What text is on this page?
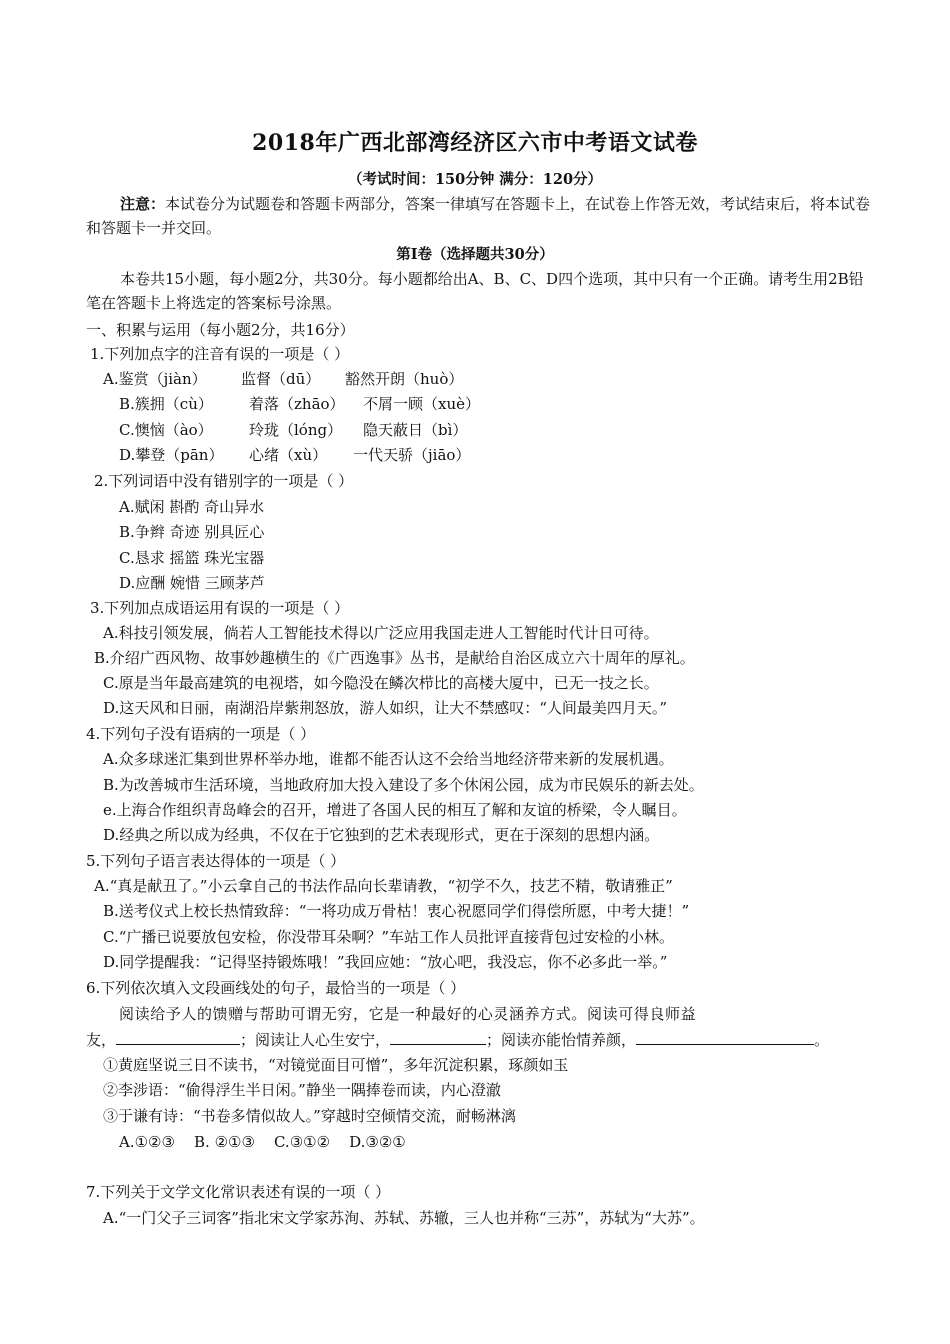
2018年广西北部湾经济区六市中考语文试卷
（考试时间：150分钟 满分：120分）
注意：本试卷分为试题卷和答题卡两部分，答案一律填写在答题卡上，在试卷上作答无效，考试结束后，将本试卷和答题卡一并交回。
第Ⅰ卷（选择题共30分）
本卷共15小题，每小题2分，共30分。每小题都给出A、B、C、D四个选项，其中只有一个正确。请考生用2B铅笔在答题卡上将选定的答案标号涂黑。
一、积累与运用（每小题2分，共16分）
1.下列加点字的注音有误的一项是（ ）
A.鉴赏（jiàn）	监督（dū）	豁然开朗（huò）
B.簇拥（cù）	着落（zhāo）	不屑一顾（xuè）
C.懊恼（ào）	玲珑（lóng）	隐天蔽日（bì）
D.攀登（pān）	心绪（xù）	一代天骄（jiāo）
2.下列词语中没有错别字的一项是（ ）
A.赋闲 斟酌 奇山异水
B.争辫 奇迹 别具匠心
C.恳求 摇篮 珠光宝器
D.应酬 婉惜 三顾茅芦
3.下列加点成语运用有误的一项是（ ）
A.科技引领发展，倘若人工智能技术得以广泛应用我国走进人工智能时代计日可待。
B.介绍广西风物、故事妙趣横生的《广西逸事》丛书，是献给自治区成立六十周年的厚礼。
C.原是当年最高建筑的电视塔，如今隐没在鳞次栉比的高楼大厦中，已无一技之长。
D.这天风和日丽，南湖沿岸紫荆怒放，游人如织，让大不禁感叹：“人间最美四月天。”
4.下列句子没有语病的一项是（ ）
A.众多球迷汇集到世界杯举办地，谁都不能否认这不会给当地经济带来新的发展机遇。
B.为改善城市生活环境，当地政府加大投入建设了多个休闲公园，成为市民娱乐的新去处。
e.上海合作组织青岛峰会的召开，增进了各国人民的相互了解和友谊的桥梁，令人瞩目。
D.经典之所以成为经典，不仅在于它独到的艺术表现形式，更在于深刻的思想内涵。
5.下列句子语言表达得体的一项是（ ）
A.“真是献丑了。”小云拿自己的书法作品向长辈请教，“初学不久，技艺不精，敬请雅正”
B.送考仪式上校长热情致辞：“一将功成万骨枯！衷心祝愿同学们得偿所愿，中考大捷！”
C.“广播已说要放包安检，你没带耳朵啊？”车站工作人员批评直接背包过安检的小林。
D.同学提醒我：“记得坚持锻炼哦！”我回应她：“放心吧，我没忘，你不必多此一举。”
6.下列依次填入文段画线处的句子，最恰当的一项是（ ）
阅读给予人的馈赠与帮助可谓无穷，它是一种最好的心灵涵养方式。阅读可得良师益
友，	；阅读让人心生安宁，	；阅读亦能怡情养颜，	。
①黄庭坚说三日不读书，“对镜觉面目可憎”，多年沉淀积累，琢颜如玉
②李涉语：“偷得浮生半日闲。”静坐一隅捧卷而读，内心澄澈
③于谦有诗：“书卷多情似故人。”穿越时空倾情交流，耐畅淋漓
A.①②③    B. ②①③    C.③①②    D.③②①
7.下列关于文学文化常识表述有误的一项（ ）
A.“一门父子三词客”指北宋文学家苏洵、苏轼、苏辙，三人也并称“三苏”，苏轼为“大苏”。
